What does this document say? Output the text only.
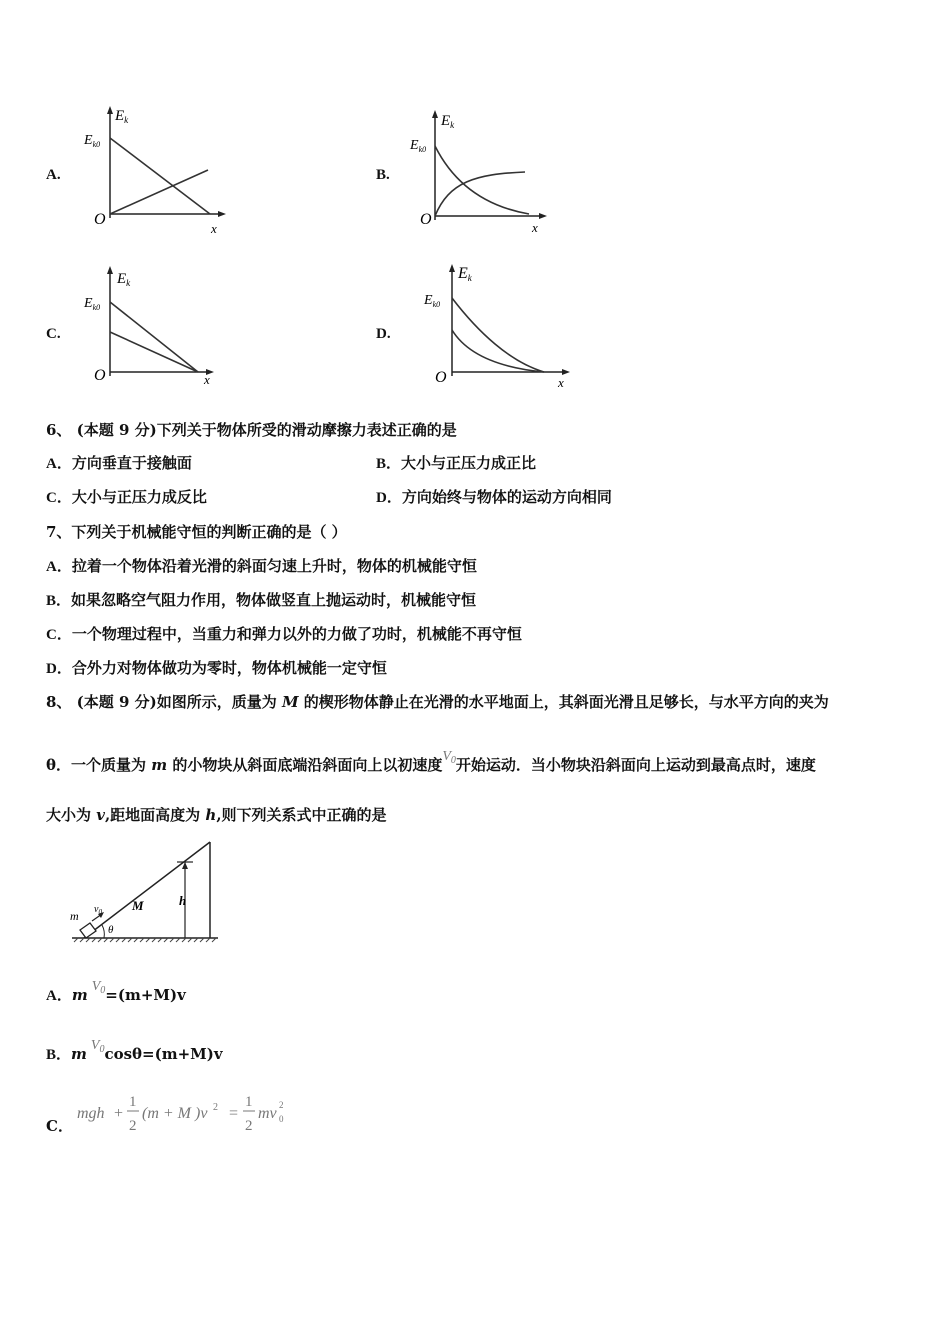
A.
$E_k$
$E_{k0}$
O
x
B.
$E_k$
$E_{k0}$
O	x
C.
$E_k$
$E_{k0}$
O	x
D.
Ek
$E_{k0}$
O	x
6、 (本题 9 分)下列关于物体所受的滑动摩擦力表述正确的是
A．方向垂直于接触面	B．大小与正压力成正比
C．大小与正压力成反比	D．方向始终与物体的运动方向相同
7、下列关于机械能守恒的判断正确的是（ ）
A．拉着一个物体沿着光滑的斜面匀速上升时，物体的机械能守恒
B．如果忽略空气阻力作用，物体做竖直上抛运动时，机械能守恒
C．一个物理过程中，当重力和弹力以外的力做了功时，机械能不再守恒
D．合外力对物体做功为零时，物体机械能一定守恒
8、 (本题 9 分)如图所示，质量为 M 的楔形物体静止在光滑的水平地面上，其斜面光滑且足够长，与水平方向的夹为
θ．一个质量为 m 的小物块从斜面底端沿斜面向上以初速度$V_0$开始运动．当小物块沿斜面向上运动到最高点时，速度
大小为 v,距地面高度为 h,则下列关系式中正确的是
m $v_0$ M	h
θ
A．m $V_0=(m+M)v$
B．m $V_0\cos\theta=(m+M)v$
C．
mgh +
1
2
(m + M )v 2 =
1
2
mv 0
2
